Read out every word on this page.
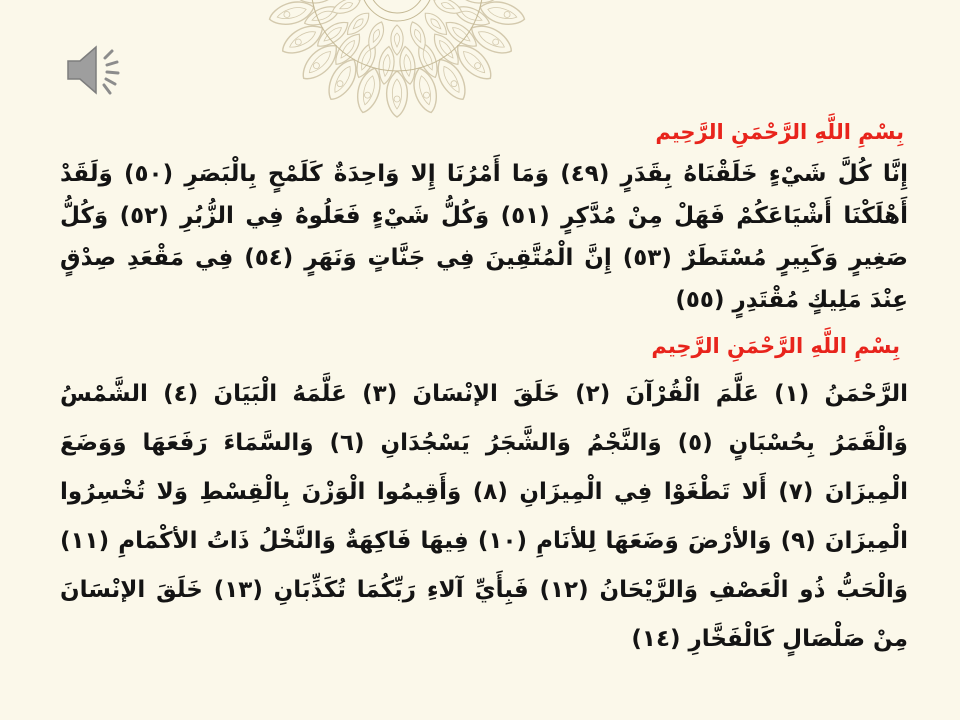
بِسْمِ اللَّهِ الرَّحْمَنِ الرَّحِيم
إِنَّا كُلَّ شَيْءٍ خَلَقْنَاهُ بِقَدَرٍ (٤٩) وَمَا أَمْرُنَا إِلا وَاحِدَةٌ كَلَمْحٍ بِالْبَصَرِ (٥٠) وَلَقَدْ أَهْلَكْنَا أَشْيَاعَكُمْ فَهَلْ مِنْ مُدَّكِرٍ (٥١) وَكُلُّ شَيْءٍ فَعَلُوهُ فِي الزُّبُرِ (٥٢) وَكُلُّ صَغِيرٍ وَكَبِيرٍ مُسْتَطَرٌ (٥٣) إِنَّ الْمُتَّقِينَ فِي جَنَّاتٍ وَنَهَرٍ (٥٤) فِي مَقْعَدِ صِدْقٍ عِنْدَ مَلِيكٍ مُقْتَدِرٍ (٥٥)
بِسْمِ اللَّهِ الرَّحْمَنِ الرَّحِيم
الرَّحْمَنُ (١) عَلَّمَ الْقُرْآنَ (٢) خَلَقَ الإنْسَانَ (٣) عَلَّمَهُ الْبَيَانَ (٤) الشَّمْسُ وَالْقَمَرُ بِحُسْبَانٍ (٥) وَالنَّجْمُ وَالشَّجَرُ يَسْجُدَانِ (٦) وَالسَّمَاءَ رَفَعَهَا وَوَضَعَ الْمِيزَانَ (٧) أَلا تَطْغَوْا فِي الْمِيزَانِ (٨) وَأَقِيمُوا الْوَزْنَ بِالْقِسْطِ وَلا تُخْسِرُوا الْمِيزَانَ (٩) وَالأرْضَ وَضَعَهَا لِلأنَامِ (١٠) فِيهَا فَاكِهَةٌ وَالنَّخْلُ ذَاتُ الأكْمَامِ (١١) وَالْحَبُّ ذُو الْعَصْفِ وَالرَّيْحَانُ (١٢) فَبِأَيِّ آلاءِ رَبِّكُمَا تُكَذِّبَانِ (١٣) خَلَقَ الإنْسَانَ مِنْ صَلْصَالٍ كَالْفَخَّارِ (١٤)
